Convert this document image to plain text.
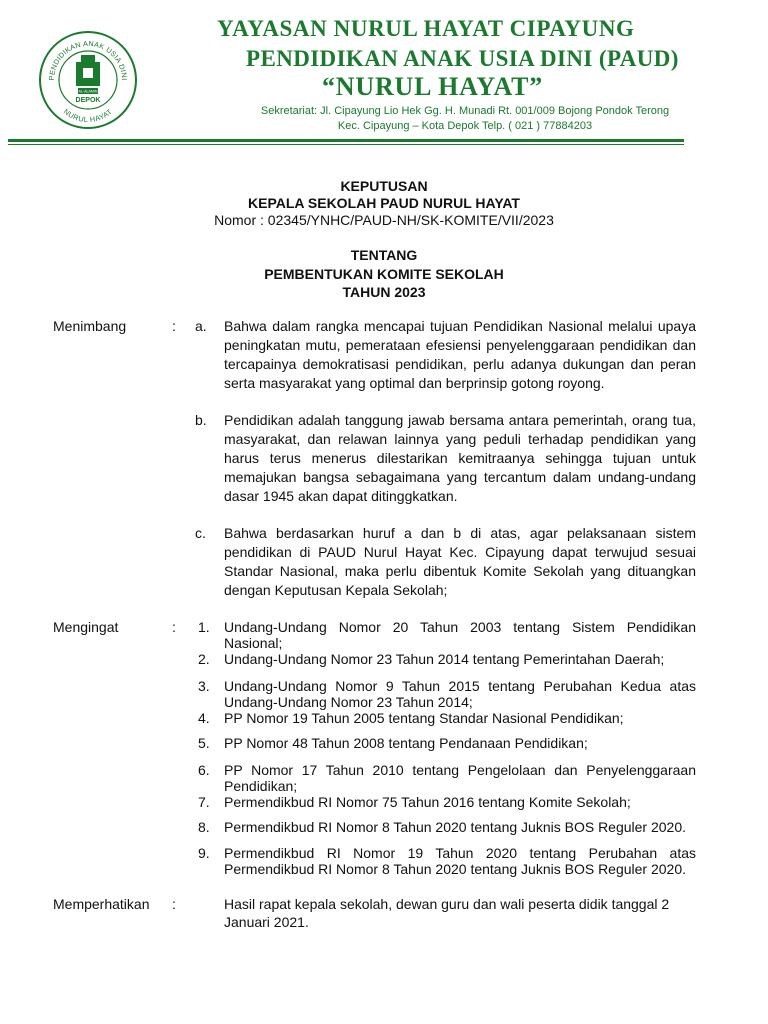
PENDIDIKAN ANAK USIA DINI
NURUL HAYAT
AL-ALAMIN
DEPOK
YAYASAN NURUL HAYAT CIPAYUNG
PENDIDIKAN ANAK USIA DINI (PAUD)
“NURUL HAYAT”
Sekretariat: Jl. Cipayung Lio Hek Gg. H. Munadi Rt. 001/009 Bojong Pondok Terong
Kec. Cipayung – Kota Depok Telp. ( 021 ) 77884203
KEPUTUSAN
KEPALA SEKOLAH PAUD NURUL HAYAT
Nomor : 02345/YNHC/PAUD-NH/SK-KOMITE/VII/2023
TENTANG
PEMBENTUKAN KOMITE SEKOLAH
TAHUN 2023
Menimbang	: a. Bahwa dalam rangka mencapai tujuan Pendidikan Nasional melalui upaya peningkatan mutu, pemerataan efesiensi penyelenggaraan pendidikan dan tercapainya demokratisasi pendidikan, perlu adanya dukungan dan peran serta masyarakat yang optimal dan berprinsip gotong royong.
b. Pendidikan adalah tanggung jawab bersama antara pemerintah, orang tua, masyarakat, dan relawan lainnya yang peduli terhadap pendidikan yang harus terus menerus dilestarikan kemitraanya sehingga tujuan untuk memajukan bangsa sebagaimana yang tercantum dalam undang-undang dasar 1945 akan dapat ditinggkatkan.
c. Bahwa berdasarkan huruf a dan b di atas, agar pelaksanaan sistem pendidikan di PAUD Nurul Hayat Kec. Cipayung dapat terwujud sesuai Standar Nasional, maka perlu dibentuk Komite Sekolah yang dituangkan dengan Keputusan Kepala Sekolah;
Mengingat	: 1. Undang-Undang Nomor 20 Tahun 2003 tentang Sistem Pendidikan Nasional;
2. Undang-Undang Nomor 23 Tahun 2014 tentang Pemerintahan Daerah;
3. Undang-Undang Nomor 9 Tahun 2015 tentang Perubahan Kedua atas Undang-Undang Nomor 23 Tahun 2014;
4. PP Nomor 19 Tahun 2005 tentang Standar Nasional Pendidikan;
5. PP Nomor 48 Tahun 2008 tentang Pendanaan Pendidikan;
6. PP Nomor 17 Tahun 2010 tentang Pengelolaan dan Penyelenggaraan Pendidikan;
7. Permendikbud RI Nomor 75 Tahun 2016 tentang Komite Sekolah;
8. Permendikbud RI Nomor 8 Tahun 2020 tentang Juknis BOS Reguler 2020.
9. Permendikbud RI Nomor 19 Tahun 2020 tentang Perubahan atas Permendikbud RI Nomor 8 Tahun 2020 tentang Juknis BOS Reguler 2020.
Memperhatikan :	Hasil rapat kepala sekolah, dewan guru dan wali peserta didik tanggal 2 Januari 2021.
